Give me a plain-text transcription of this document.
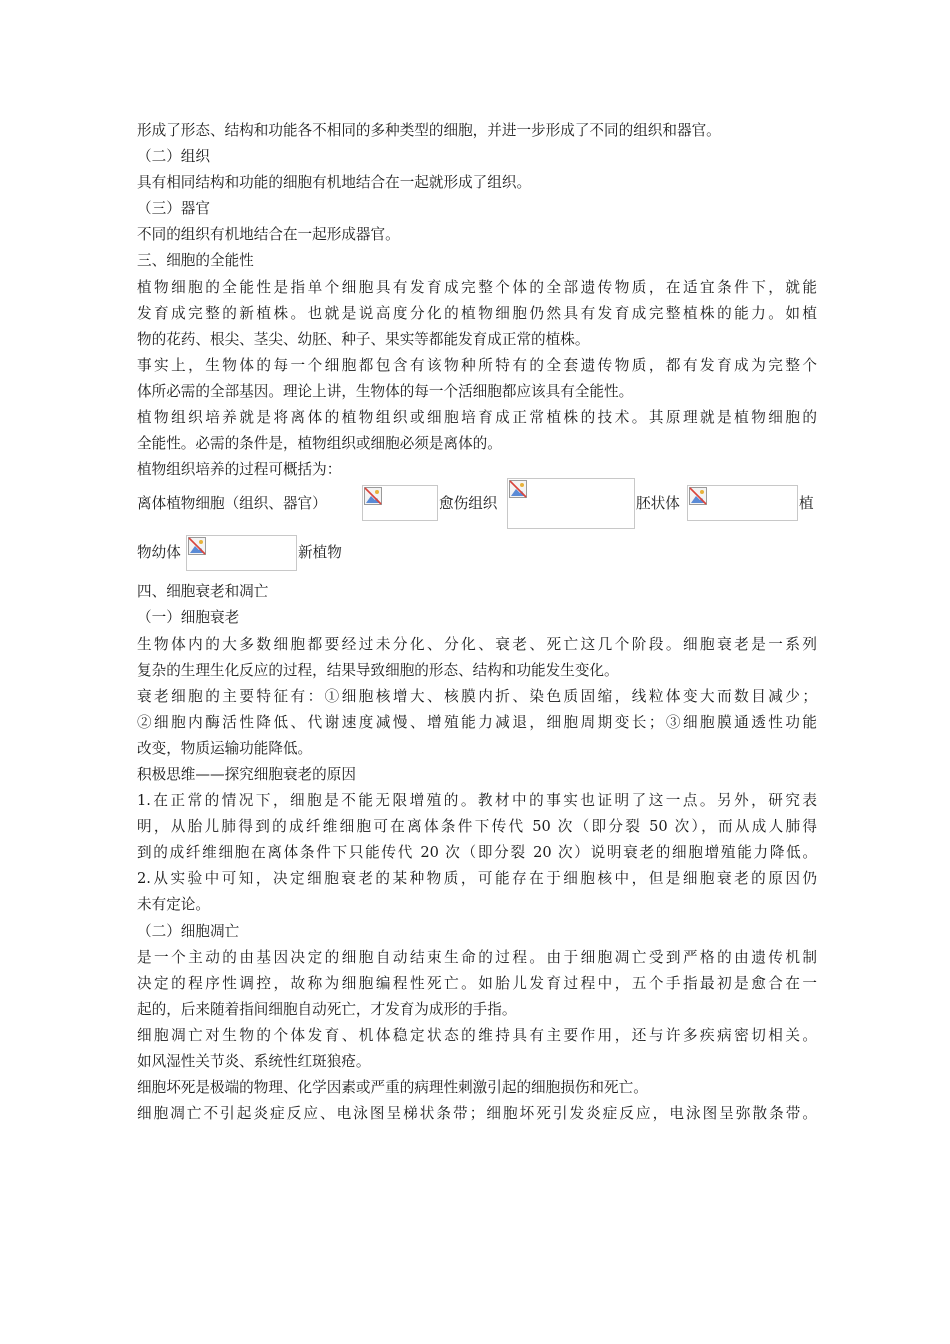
形成了形态、结构和功能各不相同的多种类型的细胞，并进一步形成了不同的组织和器官。
（二）组织
具有相同结构和功能的细胞有机地结合在一起就形成了组织。
（三）器官
不同的组织有机地结合在一起形成器官。
三、细胞的全能性
植物细胞的全能性是指单个细胞具有发育成完整个体的全部遗传物质，在适宜条件下，就能
发育成完整的新植株。也就是说高度分化的植物细胞仍然具有发育成完整植株的能力。如植
物的花药、根尖、茎尖、幼胚、种子、果实等都能发育成正常的植株。
事实上，生物体的每一个细胞都包含有该物种所特有的全套遗传物质，都有发育成为完整个
体所必需的全部基因。理论上讲，生物体的每一个活细胞都应该具有全能性。
植物组织培养就是将离体的植物组织或细胞培育成正常植株的技术。其原理就是植物细胞的
全能性。必需的条件是，植物组织或细胞必须是离体的。
植物组织培养的过程可概括为：
离体植物细胞（组织、器官）	愈伤组织	胚状体	植
物幼体	新植物
四、细胞衰老和凋亡
（一）细胞衰老
生物体内的大多数细胞都要经过未分化、分化、衰老、死亡这几个阶段。细胞衰老是一系列
复杂的生理生化反应的过程，结果导致细胞的形态、结构和功能发生变化。
衰老细胞的主要特征有：①细胞核增大、核膜内折、染色质固缩，线粒体变大而数目减少；
②细胞内酶活性降低、代谢速度减慢、增殖能力减退，细胞周期变长；③细胞膜通透性功能
改变，物质运输功能降低。
积极思维——探究细胞衰老的原因
1.在正常的情况下，细胞是不能无限增殖的。教材中的事实也证明了这一点。另外，研究表
明，从胎儿肺得到的成纤维细胞可在离体条件下传代 50 次（即分裂 50 次），而从成人肺得
到的成纤维细胞在离体条件下只能传代 20 次（即分裂 20 次）说明衰老的细胞增殖能力降低。
2.从实验中可知，决定细胞衰老的某种物质，可能存在于细胞核中，但是细胞衰老的原因仍
未有定论。
（二）细胞凋亡
是一个主动的由基因决定的细胞自动结束生命的过程。由于细胞凋亡受到严格的由遗传机制
决定的程序性调控，故称为细胞编程性死亡。如胎儿发育过程中，五个手指最初是愈合在一
起的，后来随着指间细胞自动死亡，才发育为成形的手指。
细胞凋亡对生物的个体发育、机体稳定状态的维持具有主要作用，还与许多疾病密切相关。
如风湿性关节炎、系统性红斑狼疮。
细胞坏死是极端的物理、化学因素或严重的病理性刺激引起的细胞损伤和死亡。
细胞凋亡不引起炎症反应、电泳图呈梯状条带；细胞坏死引发炎症反应，电泳图呈弥散条带。
